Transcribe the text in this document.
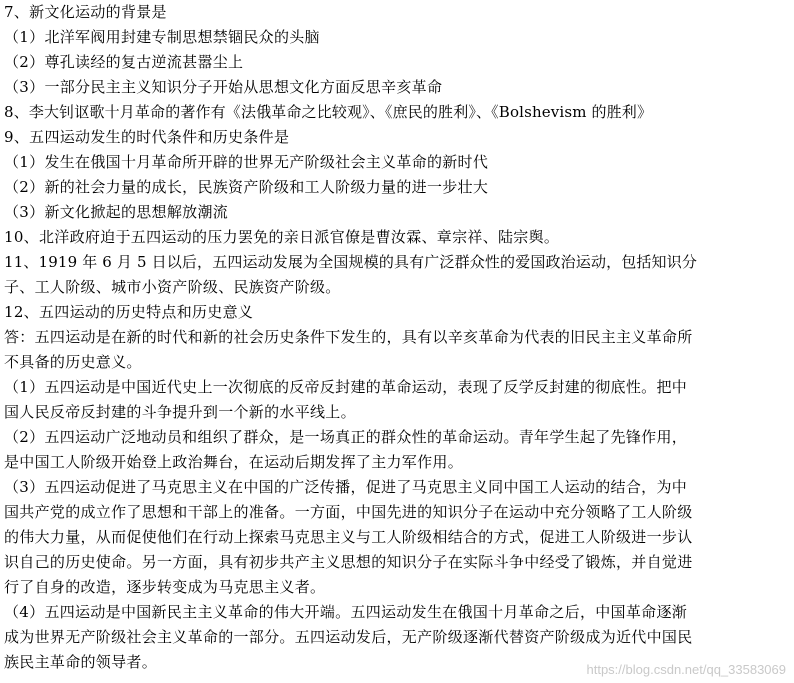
7、新文化运动的背景是
（1）北洋军阀用封建专制思想禁锢民众的头脑
（2）尊孔读经的复古逆流甚嚣尘上
（3）一部分民主主义知识分子开始从思想文化方面反思辛亥革命
8、李大钊讴歌十月革命的著作有《法俄革命之比较观》、《庶民的胜利》、《Bolshevism 的胜利》
9、五四运动发生的时代条件和历史条件是
（1）发生在俄国十月革命所开辟的世界无产阶级社会主义革命的新时代
（2）新的社会力量的成长，民族资产阶级和工人阶级力量的进一步壮大
（3）新文化掀起的思想解放潮流
10、北洋政府迫于五四运动的压力罢免的亲日派官僚是曹汝霖、章宗祥、陆宗舆。
11、1919 年 6 月 5 日以后，五四运动发展为全国规模的具有广泛群众性的爱国政治运动，包括知识分
子、工人阶级、城市小资产阶级、民族资产阶级。
12、五四运动的历史特点和历史意义
答：五四运动是在新的时代和新的社会历史条件下发生的，具有以辛亥革命为代表的旧民主主义革命所
不具备的历史意义。
（1）五四运动是中国近代史上一次彻底的反帝反封建的革命运动，表现了反学反封建的彻底性。把中
国人民反帝反封建的斗争提升到一个新的水平线上。
（2）五四运动广泛地动员和组织了群众，是一场真正的群众性的革命运动。青年学生起了先锋作用，
是中国工人阶级开始登上政治舞台，在运动后期发挥了主力军作用。
（3）五四运动促进了马克思主义在中国的广泛传播，促进了马克思主义同中国工人运动的结合，为中
国共产党的成立作了思想和干部上的准备。一方面，中国先进的知识分子在运动中充分领略了工人阶级
的伟大力量，从而促使他们在行动上探索马克思主义与工人阶级相结合的方式，促进工人阶级进一步认
识自己的历史使命。另一方面，具有初步共产主义思想的知识分子在实际斗争中经受了锻炼，并自觉进
行了自身的改造，逐步转变成为马克思主义者。
（4）五四运动是中国新民主主义革命的伟大开端。五四运动发生在俄国十月革命之后，中国革命逐渐
成为世界无产阶级社会主义革命的一部分。五四运动发后，无产阶级逐渐代替资产阶级成为近代中国民
族民主革命的领导者。	https://blog.csdn.net/qq_33583069
